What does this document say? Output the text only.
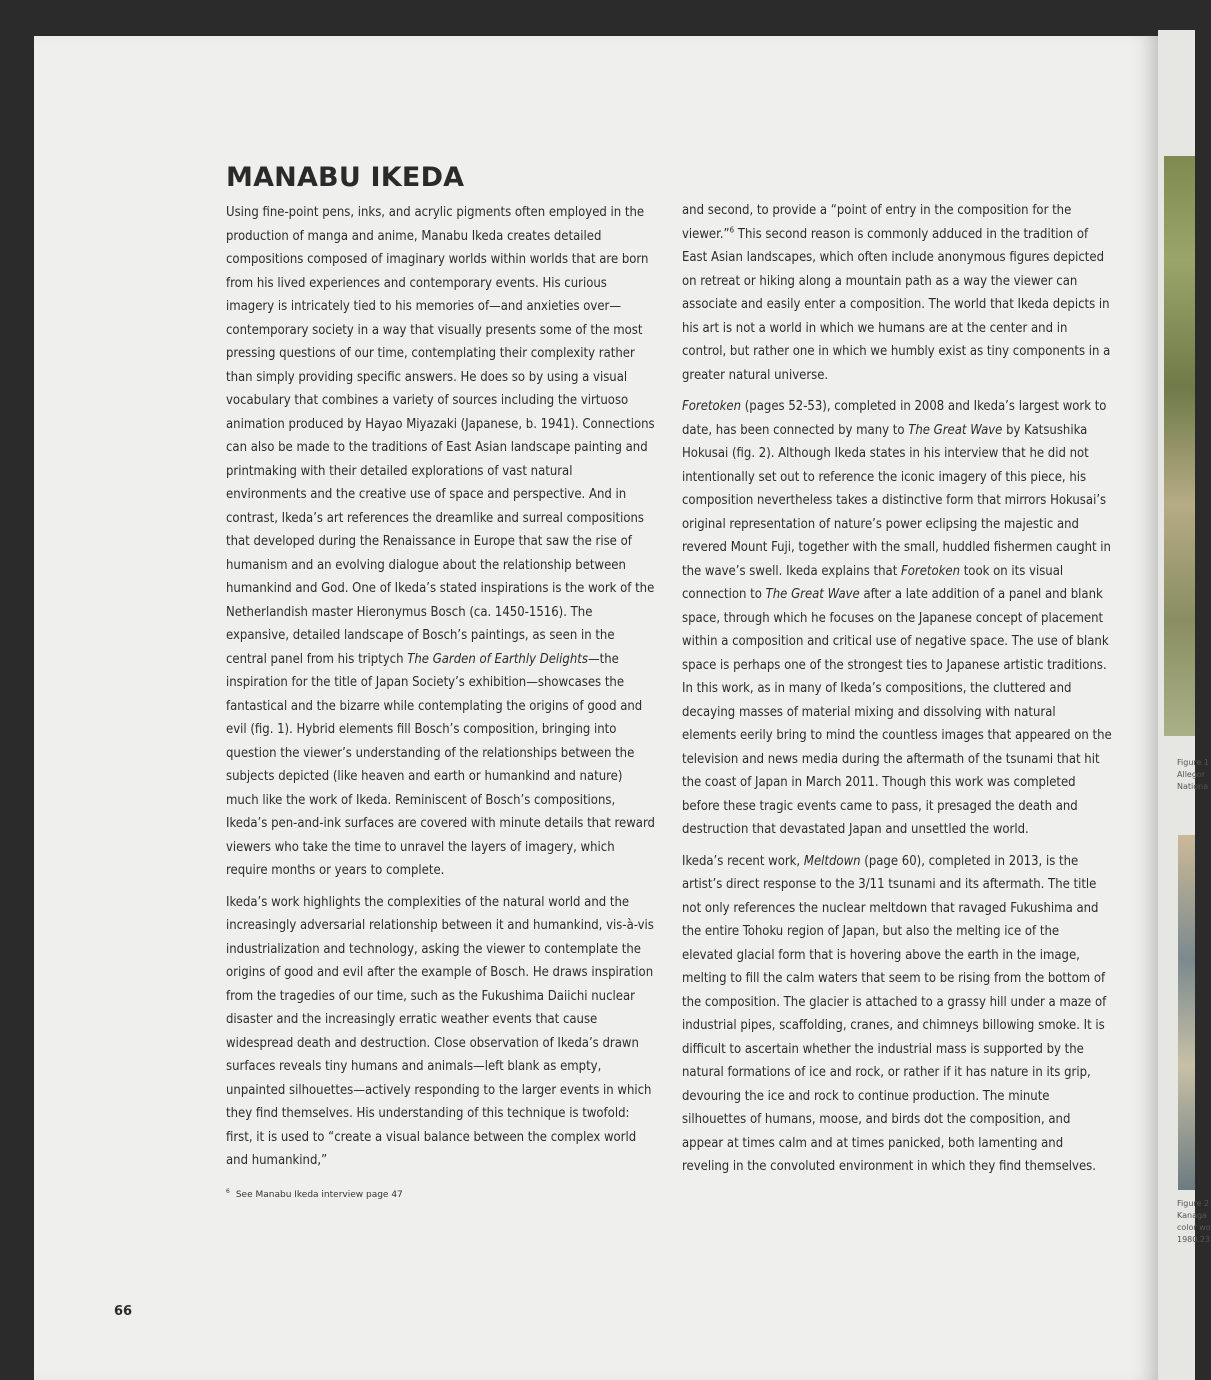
Figure 1
Allegor
Nationa
Figure 2
Kanaga
color wo
1980.23
MANABU IKEDA

Using fine-point pens, inks, and acrylic pigments often employed in the production of manga and anime, Manabu Ikeda creates detailed compositions composed of imaginary worlds within worlds that are born from his lived experiences and contemporary events. His curious imagery is intricately tied to his memories of—and anxieties over—contemporary society in a way that visually presents some of the most pressing questions of our time, contemplating their complexity rather than simply providing specific answers. He does so by using a visual vocabulary that combines a variety of sources including the virtuoso animation produced by Hayao Miyazaki (Japanese, b. 1941). Connections can also be made to the traditions of East Asian landscape painting and printmaking with their detailed explorations of vast natural environments and the creative use of space and perspective. And in contrast, Ikeda’s art references the dreamlike and surreal compositions that developed during the Renaissance in Europe that saw the rise of humanism and an evolving dialogue about the relationship between humankind and God. One of Ikeda’s stated inspirations is the work of the Netherlandish master Hieronymus Bosch (ca. 1450-1516). The expansive, detailed landscape of Bosch’s paintings, as seen in the central panel from his triptych The Garden of Earthly Delights—the inspiration for the title of Japan Society’s exhibition—showcases the fantastical and the bizarre while contemplating the origins of good and evil (fig. 1). Hybrid elements fill Bosch’s composition, bringing into question the viewer’s understanding of the relationships between the subjects depicted (like heaven and earth or humankind and nature) much like the work of Ikeda. Reminiscent of Bosch’s compositions, Ikeda’s pen-and-ink surfaces are covered with minute details that reward viewers who take the time to unravel the layers of imagery, which require months or years to complete.

Ikeda’s work highlights the complexities of the natural world and the increasingly adversarial relationship between it and humankind, vis-à-vis industrialization and technology, asking the viewer to contemplate the origins of good and evil after the example of Bosch. He draws inspiration from the tragedies of our time, such as the Fukushima Daiichi nuclear disaster and the increasingly erratic weather events that cause widespread death and destruction. Close observation of Ikeda’s drawn surfaces reveals tiny humans and animals—left blank as empty, unpainted silhouettes—actively responding to the larger events in which they find themselves. His understanding of this technique is twofold: first, it is used to “create a visual balance between the complex world and humankind,”

and second, to provide a “point of entry in the composition for the viewer.”$^6$ This second reason is commonly adduced in the tradition of East Asian landscapes, which often include anonymous figures depicted on retreat or hiking along a mountain path as a way the viewer can associate and easily enter a composition. The world that Ikeda depicts in his art is not a world in which we humans are at the center and in control, but rather one in which we humbly exist as tiny components in a greater natural universe.

Foretoken (pages 52-53), completed in 2008 and Ikeda’s largest work to date, has been connected by many to The Great Wave by Katsushika Hokusai (fig. 2). Although Ikeda states in his interview that he did not intentionally set out to reference the iconic imagery of this piece, his composition nevertheless takes a distinctive form that mirrors Hokusai’s original representation of nature’s power eclipsing the majestic and revered Mount Fuji, together with the small, huddled fishermen caught in the wave’s swell. Ikeda explains that Foretoken took on its visual connection to The Great Wave after a late addition of a panel and blank space, through which he focuses on the Japanese concept of placement within a composition and critical use of negative space. The use of blank space is perhaps one of the strongest ties to Japanese artistic traditions. In this work, as in many of Ikeda’s compositions, the cluttered and decaying masses of material mixing and dissolving with natural elements eerily bring to mind the countless images that appeared on the television and news media during the aftermath of the tsunami that hit the coast of Japan in March 2011. Though this work was completed before these tragic events came to pass, it presaged the death and destruction that devastated Japan and unsettled the world.

Ikeda’s recent work, Meltdown (page 60), completed in 2013, is the artist’s direct response to the 3/11 tsunami and its aftermath. The title not only references the nuclear meltdown that ravaged Fukushima and the entire Tohoku region of Japan, but also the melting ice of the elevated glacial form that is hovering above the earth in the image, melting to fill the calm waters that seem to be rising from the bottom of the composition. The glacier is attached to a grassy hill under a maze of industrial pipes, scaffolding, cranes, and chimneys billowing smoke. It is difficult to ascertain whether the industrial mass is supported by the natural formations of ice and rock, or rather if it has nature in its grip, devouring the ice and rock to continue production. The minute silhouettes of humans, moose, and birds dot the composition, and appear at times calm and at times panicked, both lamenting and reveling in the convoluted environment in which they find themselves.

$^6$ See Manabu Ikeda interview page 47
66
